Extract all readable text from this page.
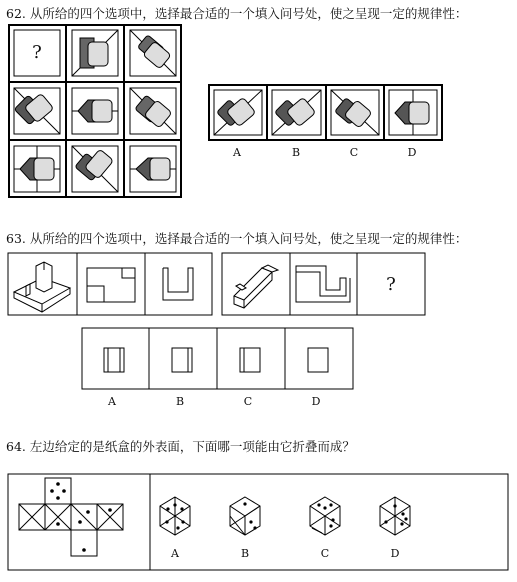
62. 从所给的四个选项中，选择最合适的一个填入问号处，使之呈现一定的规律性：
?
A	B	C	D
63. 从所给的四个选项中，选择最合适的一个填入问号处，使之呈现一定的规律性：
?
A	B	C	D
64. 左边给定的是纸盒的外表面，下面哪一项能由它折叠而成？
A	B	C	D
